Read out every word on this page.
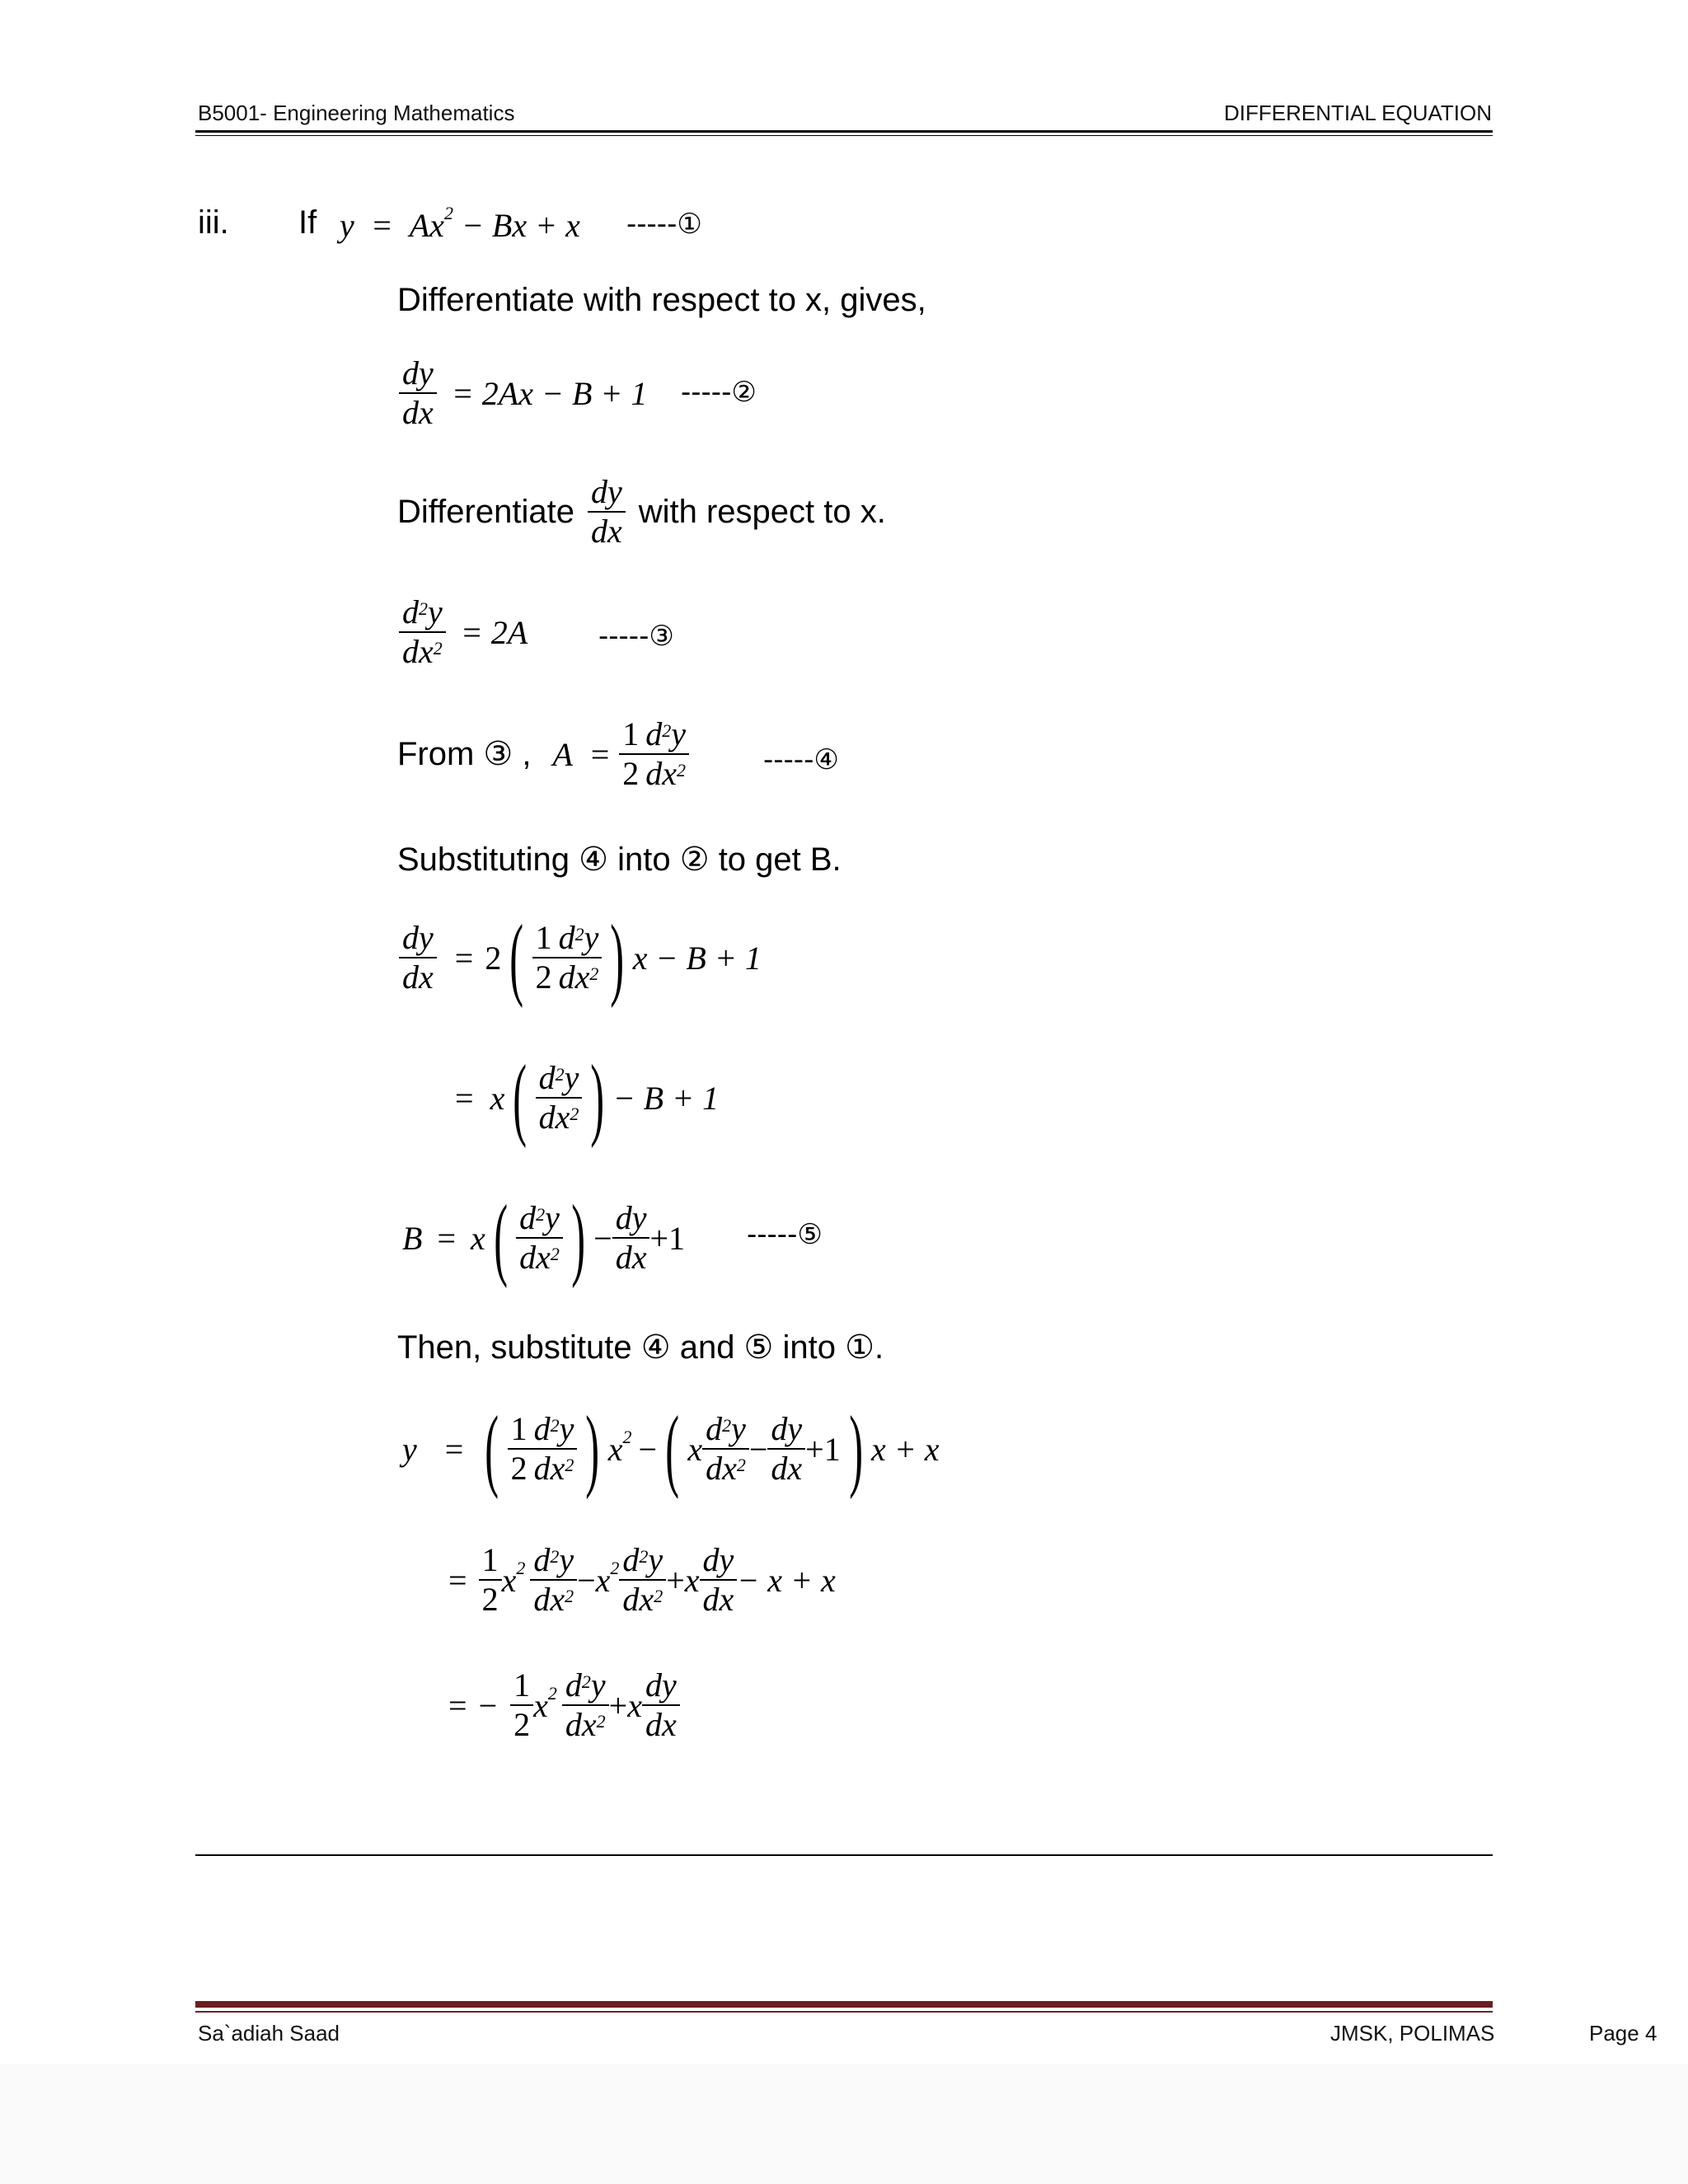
B5001- Engineering Mathematics	DIFFERENTIAL EQUATION
iii. If $y = Ax^2 - Bx + x$ -----①
Differentiate with respect to x, gives,
$\frac{dy}{dx} = 2Ax - B + 1$ -----②
Differentiate $\frac{dy}{dx}$ with respect to x.
$\frac{d^2y}{dx^2} = 2A$	-----③
From ③ , $A = \frac{1}{2} \frac{d^2y}{dx^2}$	-----④
Substituting ④ into ② to get B.
$\frac{dy}{dx} = 2$ ( $\frac{1}{2} \frac{d^2y}{dx^2}$ ) x − B + 1
= x ( $\frac{d^2y}{dx^2}$ ) − B + 1
B = x ( $\frac{d^2y}{dx^2}$ ) − $\frac{dy}{dx} +1$ -----⑤
Then, substitute ④ and ⑤ into ①.
y = ( $\frac{1}{2} \frac{d^2y}{dx^2}$ ) $x^2$ − ( x $\frac{d^2y}{dx^2} - \frac{dy}{dx} +1$ ) x + x
= $\frac{1}{2} x^2 \frac{d^2y}{dx^2} - x^2 \frac{d^2y}{dx^2} + x \frac{dy}{dx} - x + x$
= − $\frac{1}{2} x^2 \frac{d^2y}{dx^2} + x \frac{dy}{dx}$
Sa`adiah Saad	JMSK, POLIMAS	Page 4
